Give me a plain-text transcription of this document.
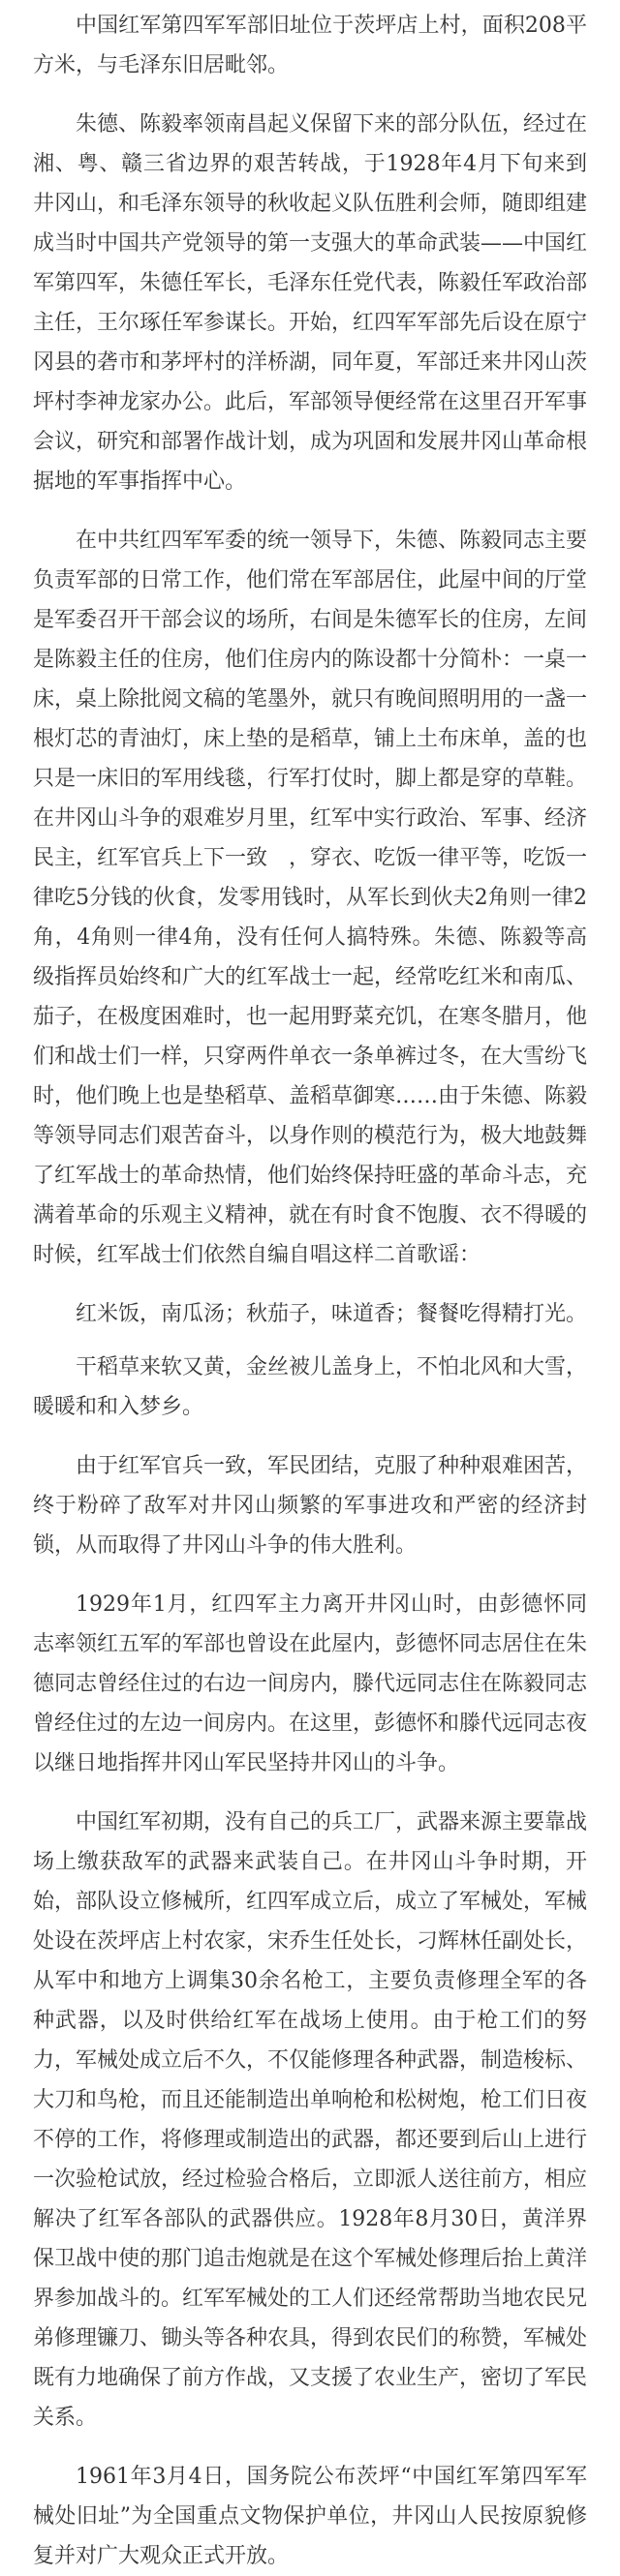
中国红军第四军军部旧址位于茨坪店上村，面积208平方米，与毛泽东旧居毗邻。

朱德、陈毅率领南昌起义保留下来的部分队伍，经过在湘、粤、赣三省边界的艰苦转战，于1928年4月下旬来到井冈山，和毛泽东领导的秋收起义队伍胜利会师，随即组建成当时中国共产党领导的第一支强大的革命武装——中国红军第四军，朱德任军长，毛泽东任党代表，陈毅任军政治部主任，王尔琢任军参谋长。开始，红四军军部先后设在原宁冈县的砻市和茅坪村的洋桥湖，同年夏，军部迁来井冈山茨坪村李神龙家办公。此后，军部领导便经常在这里召开军事会议，研究和部署作战计划，成为巩固和发展井冈山革命根据地的军事指挥中心。

在中共红四军军委的统一领导下，朱德、陈毅同志主要负责军部的日常工作，他们常在军部居住，此屋中间的厅堂是军委召开干部会议的场所，右间是朱德军长的住房，左间是陈毅主任的住房，他们住房内的陈设都十分简朴：一桌一床，桌上除批阅文稿的笔墨外，就只有晚间照明用的一盏一根灯芯的青油灯，床上垫的是稻草，铺上土布床单，盖的也只是一床旧的军用线毯，行军打仗时，脚上都是穿的草鞋。在井冈山斗争的艰难岁月里，红军中实行政治、军事、经济民主，红军官兵上下一致　，穿衣、吃饭一律平等，吃饭一律吃5分钱的伙食，发零用钱时，从军长到伙夫2角则一律2角，4角则一律4角，没有任何人搞特殊。朱德、陈毅等高级指挥员始终和广大的红军战士一起，经常吃红米和南瓜、茄子，在极度困难时，也一起用野菜充饥，在寒冬腊月，他们和战士们一样，只穿两件单衣一条单裤过冬，在大雪纷飞时，他们晚上也是垫稻草、盖稻草御寒……由于朱德、陈毅等领导同志们艰苦奋斗，以身作则的模范行为，极大地鼓舞了红军战士的革命热情，他们始终保持旺盛的革命斗志，充满着革命的乐观主义精神，就在有时食不饱腹、衣不得暖的时候，红军战士们依然自编自唱这样二首歌谣：

红米饭，南瓜汤；秋茄子，味道香；餐餐吃得精打光。

干稻草来软又黄，金丝被儿盖身上，不怕北风和大雪，暖暖和和入梦乡。

由于红军官兵一致，军民团结，克服了种种艰难困苦，终于粉碎了敌军对井冈山频繁的军事进攻和严密的经济封锁，从而取得了井冈山斗争的伟大胜利。

1929年1月，红四军主力离开井冈山时，由彭德怀同志率领红五军的军部也曾设在此屋内，彭德怀同志居住在朱德同志曾经住过的右边一间房内，滕代远同志住在陈毅同志曾经住过的左边一间房内。在这里，彭德怀和滕代远同志夜以继日地指挥井冈山军民坚持井冈山的斗争。

中国红军初期，没有自己的兵工厂，武器来源主要靠战场上缴获敌军的武器来武装自己。在井冈山斗争时期，开始，部队设立修械所，红四军成立后，成立了军械处，军械处设在茨坪店上村农家，宋乔生任处长，刁辉林任副处长，从军中和地方上调集30余名枪工，主要负责修理全军的各种武器，以及时供给红军在战场上使用。由于枪工们的努力，军械处成立后不久，不仅能修理各种武器，制造梭标、大刀和鸟枪，而且还能制造出单响枪和松树炮，枪工们日夜不停的工作，将修理或制造出的武器，都还要到后山上进行一次验枪试放，经过检验合格后，立即派人送往前方，相应解决了红军各部队的武器供应。1928年8月30日，黄洋界保卫战中使的那门追击炮就是在这个军械处修理后抬上黄洋界参加战斗的。红军军械处的工人们还经常帮助当地农民兄弟修理镰刀、锄头等各种农具，得到农民们的称赞，军械处既有力地确保了前方作战，又支援了农业生产，密切了军民关系。

1961年3月4日，国务院公布茨坪“中国红军第四军军械处旧址”为全国重点文物保护单位，井冈山人民按原貌修复并对广大观众正式开放。
